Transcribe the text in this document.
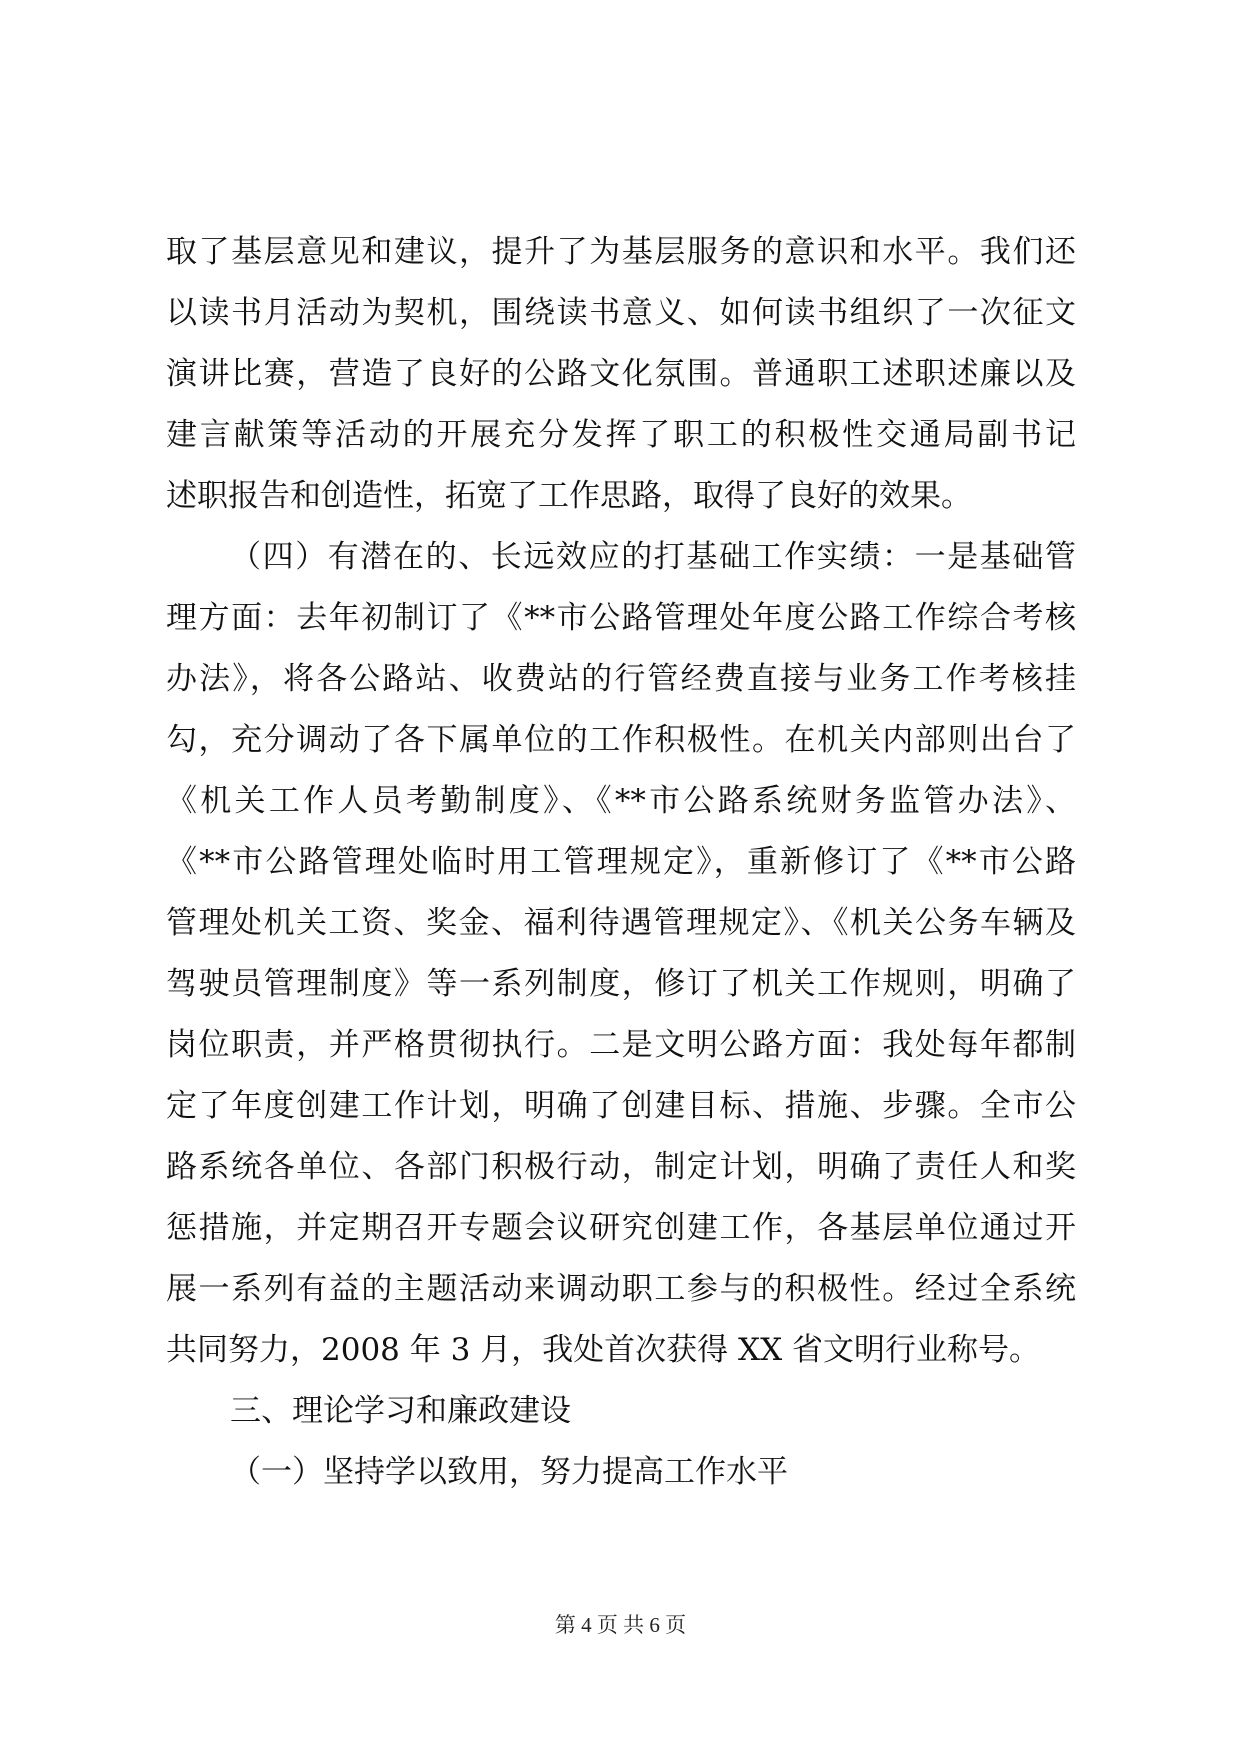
取了基层意见和建议，提升了为基层服务的意识和水平。我们还
以读书月活动为契机，围绕读书意义、如何读书组织了一次征文
演讲比赛，营造了良好的公路文化氛围。普通职工述职述廉以及
建言献策等活动的开展充分发挥了职工的积极性交通局副书记
述职报告和创造性，拓宽了工作思路，取得了良好的效果。
（四）有潜在的、长远效应的打基础工作实绩：一是基础管
理方面：去年初制订了《**市公路管理处年度公路工作综合考核
办法》，将各公路站、收费站的行管经费直接与业务工作考核挂
勾，充分调动了各下属单位的工作积极性。在机关内部则出台了
《机关工作人员考勤制度》、《**市公路系统财务监管办法》、
《**市公路管理处临时用工管理规定》，重新修订了《**市公路
管理处机关工资、奖金、福利待遇管理规定》、《机关公务车辆及
驾驶员管理制度》等一系列制度，修订了机关工作规则，明确了
岗位职责，并严格贯彻执行。二是文明公路方面：我处每年都制
定了年度创建工作计划，明确了创建目标、措施、步骤。全市公
路系统各单位、各部门积极行动，制定计划，明确了责任人和奖
惩措施，并定期召开专题会议研究创建工作，各基层单位通过开
展一系列有益的主题活动来调动职工参与的积极性。经过全系统
共同努力，2008 年 3 月，我处首次获得 XX 省文明行业称号。
三、理论学习和廉政建设
（一）坚持学以致用，努力提高工作水平
第 4 页 共 6 页
